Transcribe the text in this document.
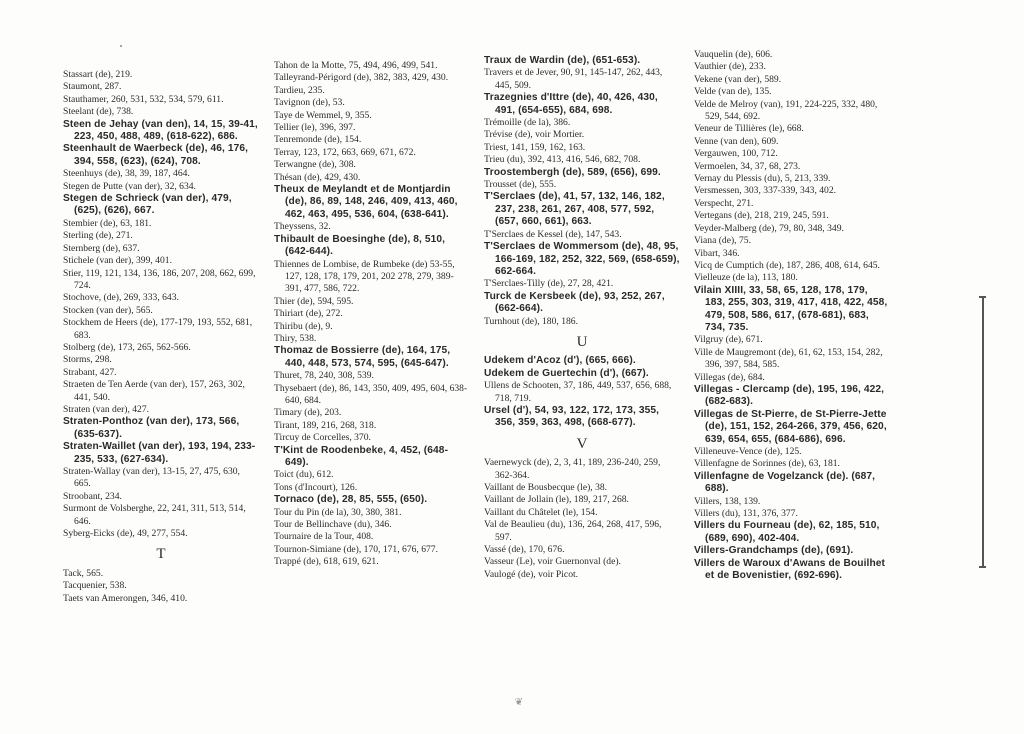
Stassart (de), 219.
Staumont, 287.
Stauthamer, 260, 531, 532, 534, 579, 611.
Steelant (de), 738.
Steen de Jehay (van den), 14, 15, 39-41, 223, 450, 488, 489, (618-622), 686.
Steenhault de Waerbeck (de), 46, 176, 394, 558, (623), (624), 708.
Steenhuys (de), 38, 39, 187, 464.
Stegen de Putte (van der), 32, 634.
Stegen de Schrieck (van der), 479, (625), (626), 667.
Stembier (de), 63, 181.
Sterling (de), 271.
Sternberg (de), 637.
Stichele (van der), 399, 401.
Stier, 119, 121, 134, 136, 186, 207, 208, 662, 699, 724.
Stochove, (de), 269, 333, 643.
Stocken (van der), 565.
Stockhem de Heers (de), 177-179, 193, 552, 681, 683.
Stolberg (de), 173, 265, 562-566.
Storms, 298.
Strabant, 427.
Straeten de Ten Aerde (van der), 157, 263, 302, 441, 540.
Straten (van der), 427.
Straten-Ponthoz (van der), 173, 566, (635-637).
Straten-Waillet (van der), 193, 194, 233-235, 533, (627-634).
Straten-Wallay (van der), 13-15, 27, 475, 630, 665.
Stroobant, 234.
Surmont de Volsberghe, 22, 241, 311, 513, 514, 646.
Syberg-Eicks (de), 49, 277, 554.
T
Tack, 565.
Tacquenier, 538.
Taets van Amerongen, 346, 410.
Tahon de la Motte, 75, 494, 496, 499, 541.
Talleyrand-Périgord (de), 382, 383, 429, 430.
Tardieu, 235.
Tavignon (de), 53.
Taye de Wemmel, 9, 355.
Tellier (le), 396, 397.
Tenremonde (de), 154.
Terray, 123, 172, 663, 669, 671, 672.
Terwangne (de), 308.
Thésan (de), 429, 430.
Theux de Meylandt et de Montjardin (de), 86, 89, 148, 246, 409, 413, 460, 462, 463, 495, 536, 604, (638-641).
Theyssens, 32.
Thibault de Boesinghe (de), 8, 510, (642-644).
Thiennes de Lombise, de Rumbeke (de) 53-55, 127, 128, 178, 179, 201, 202 278, 279, 389-391, 477, 586, 722.
Thier (de), 594, 595.
Thiriart (de), 272.
Thiribu (de), 9.
Thiry, 538.
Thomaz de Bossierre (de), 164, 175, 440, 448, 573, 574, 595, (645-647).
Thuret, 78, 240, 308, 539.
Thysebaert (de), 86, 143, 350, 409, 495, 604, 638-640, 684.
Timary (de), 203.
Tirant, 189, 216, 268, 318.
Tircuy de Corcelles, 370.
T'Kint de Roodenbeke, 4, 452, (648-649).
Toict (du), 612.
Tons (d'Incourt), 126.
Tornaco (de), 28, 85, 555, (650).
Tour du Pin (de la), 30, 380, 381.
Tour de Bellinchave (du), 346.
Tournaire de la Tour, 408.
Tournon-Simiane (de), 170, 171, 676, 677.
Trappé (de), 618, 619, 621.
Traux de Wardin (de), (651-653).
Travers et de Jever, 90, 91, 145-147, 262, 443, 445, 509.
Trazegnies d'Ittre (de), 40, 426, 430, 491, (654-655), 684, 698.
Trémoille (de la), 386.
Trévise (de), voir Mortier.
Triest, 141, 159, 162, 163.
Trieu (du), 392, 413, 416, 546, 682, 708.
Troostembergh (de), 589, (656), 699.
Trousset (de), 555.
T'Serclaes (de), 41, 57, 132, 146, 182, 237, 238, 261, 267, 408, 577, 592, (657, 660, 661), 663.
T'Serclaes de Kessel (de), 147, 543.
T'Serclaes de Wommersom (de), 48, 95, 166-169, 182, 252, 322, 569, (658-659), 662-664.
T'Serclaes-Tilly (de), 27, 28, 421.
Turck de Kersbeek (de), 93, 252, 267, (662-664).
Turnhout (de), 180, 186.
U
Udekem d'Acoz (d'), (665, 666).
Udekem de Guertechin (d'), (667).
Ullens de Schooten, 37, 186, 449, 537, 656, 688, 718, 719.
Ursel (d'), 54, 93, 122, 172, 173, 355, 356, 359, 363, 498, (668-677).
V
Vaernewyck (de), 2, 3, 41, 189, 236-240, 259, 362-364.
Vaillant de Bousbecque (le), 38.
Vaillant de Jollain (le), 189, 217, 268.
Vaillant du Châtelet (le), 154.
Val de Beaulieu (du), 136, 264, 268, 417, 596, 597.
Vassé (de), 170, 676.
Vasseur (Le), voir Guernonval (de).
Vaulogé (de), voir Picot.
Vauquelin (de), 606.
Vauthier (de), 233.
Vekene (van der), 589.
Velde (van de), 135.
Velde de Melroy (van), 191, 224-225, 332, 480, 529, 544, 692.
Veneur de Tillières (le), 668.
Venne (van den), 609.
Vergauwen, 100, 712.
Vermoelen, 34, 37, 68, 273.
Vernay du Plessis (du), 5, 213, 339.
Versmessen, 303, 337-339, 343, 402.
Verspecht, 271.
Vertegans (de), 218, 219, 245, 591.
Veyder-Malberg (de), 79, 80, 348, 349.
Viana (de), 75.
Vibart, 346.
Vicq de Cumptich (de), 187, 286, 408, 614, 645.
Vielleuze (de la), 113, 180.
Vilain XIIII, 33, 58, 65, 128, 178, 179, 183, 255, 303, 319, 417, 418, 422, 458, 479, 508, 586, 617, (678-681), 683, 734, 735.
Vilgruy (de), 671.
Ville de Maugremont (de), 61, 62, 153, 154, 282, 396, 397, 584, 585.
Villegas (de), 684.
Villegas - Clercamp (de), 195, 196, 422, (682-683).
Villegas de St-Pierre, de St-Pierre-Jette (de), 151, 152, 264-266, 379, 456, 620, 639, 654, 655, (684-686), 696.
Villeneuve-Vence (de), 125.
Villenfagne de Sorinnes (de), 63, 181.
Villenfagne de Vogelzanck (de). (687, 688).
Villers, 138, 139.
Villers (du), 131, 376, 377.
Villers du Fourneau (de), 62, 185, 510, (689, 690), 402-404.
Villers-Grandchamps (de), (691).
Villers de Waroux d'Awans de Bouilhet et de Bovenistier, (692-696).
❦
